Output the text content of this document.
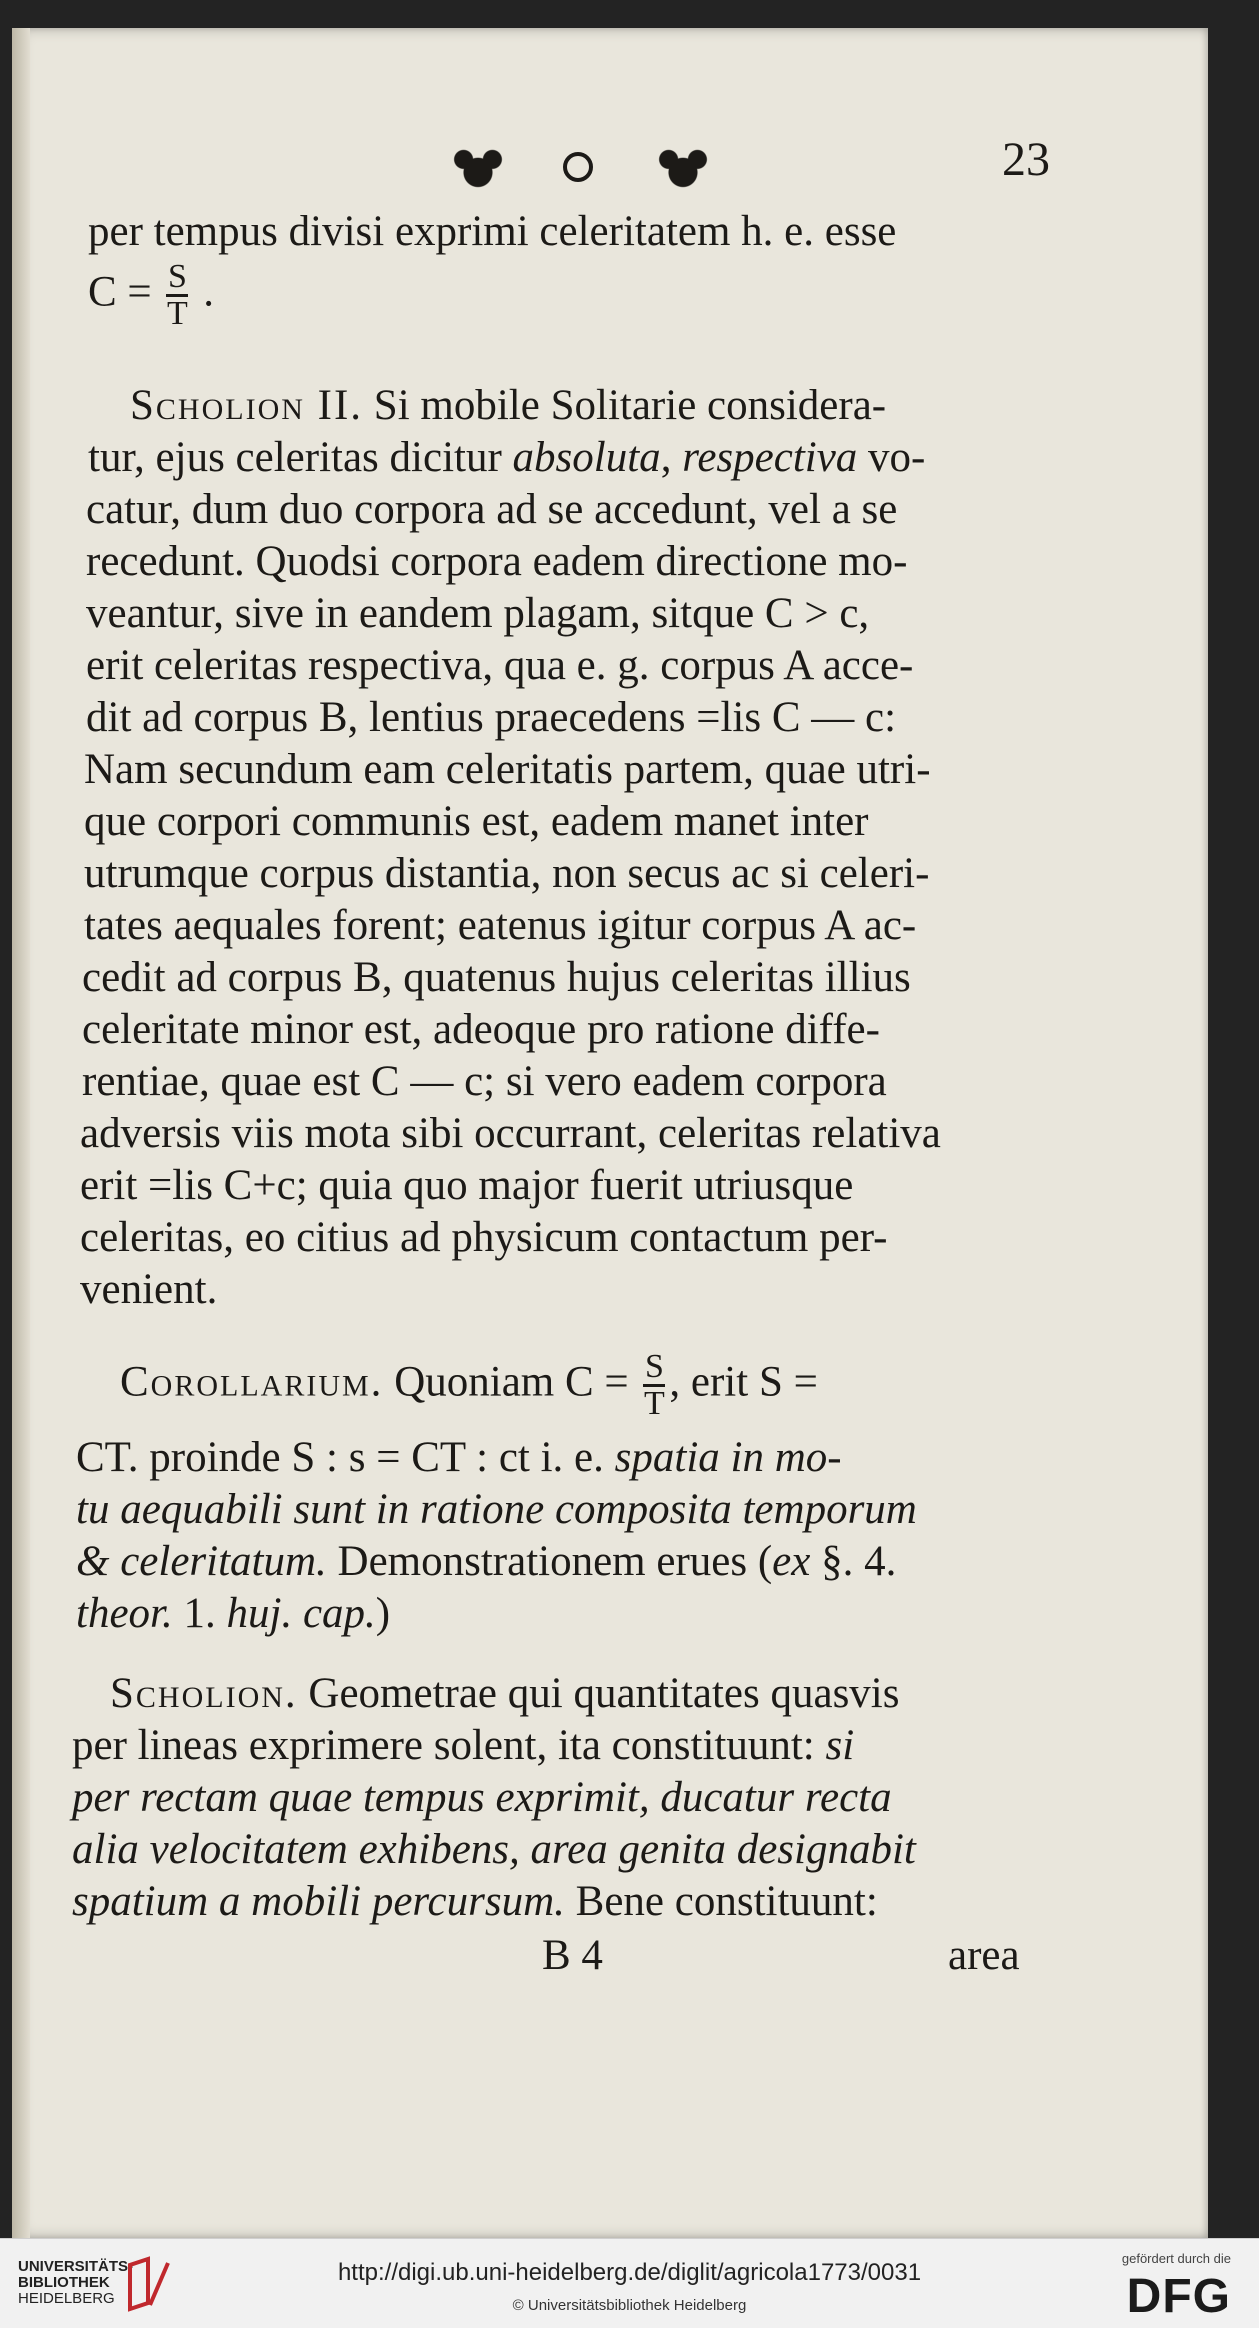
23
per tempus divisi exprimi celeritatem h. e. esse
$C = \frac{S}{T}$ .
Scholion II. Si mobile Solitarie considera-
tur, ejus celeritas dicitur absoluta, respectiva vo-
catur, dum duo corpora ad se accedunt, vel a se
recedunt. Quodsi corpora eadem directione mo-
veantur, sive in eandem plagam, sitque C > c,
erit celeritas respectiva, qua e. g. corpus A acce-
dit ad corpus B, lentius praecedens =lis C — c:
Nam secundum eam celeritatis partem, quae utri-
que corpori communis est, eadem manet inter
utrumque corpus distantia, non secus ac si celeri-
tates aequales forent; eatenus igitur corpus A ac-
cedit ad corpus B, quatenus hujus celeritas illius
celeritate minor est, adeoque pro ratione diffe-
rentiae, quae est C — c; si vero eadem corpora
adversis viis mota sibi occurrant, celeritas relativa
erit =lis C+c; quia quo major fuerit utriusque
celeritas, eo citius ad physicum contactum per-
venient.
Corollarium. Quoniam $C = \frac{S}{T}$ , erit S =
CT. proinde S : s = CT : ct i. e. spatia in mo-
tu aequabili sunt in ratione composita temporum
& celeritatum. Demonstrationem erues (ex §. 4.
theor. 1. huj. cap.)
Scholion. Geometrae qui quantitates quasvis
per lineas exprimere solent, ita constituunt: si
per rectam quae tempus exprimit, ducatur recta
alia velocitatem exhibens, area genita designabit
spatium a mobili percursum. Bene constituunt:
B 4	area
UNIVERSITÄTS-
BIBLIOTHEK
HEIDELBERG
http://digi.ub.uni-heidelberg.de/diglit/agricola1773/0031
© Universitätsbibliothek Heidelberg
gefördert durch die
DFG
